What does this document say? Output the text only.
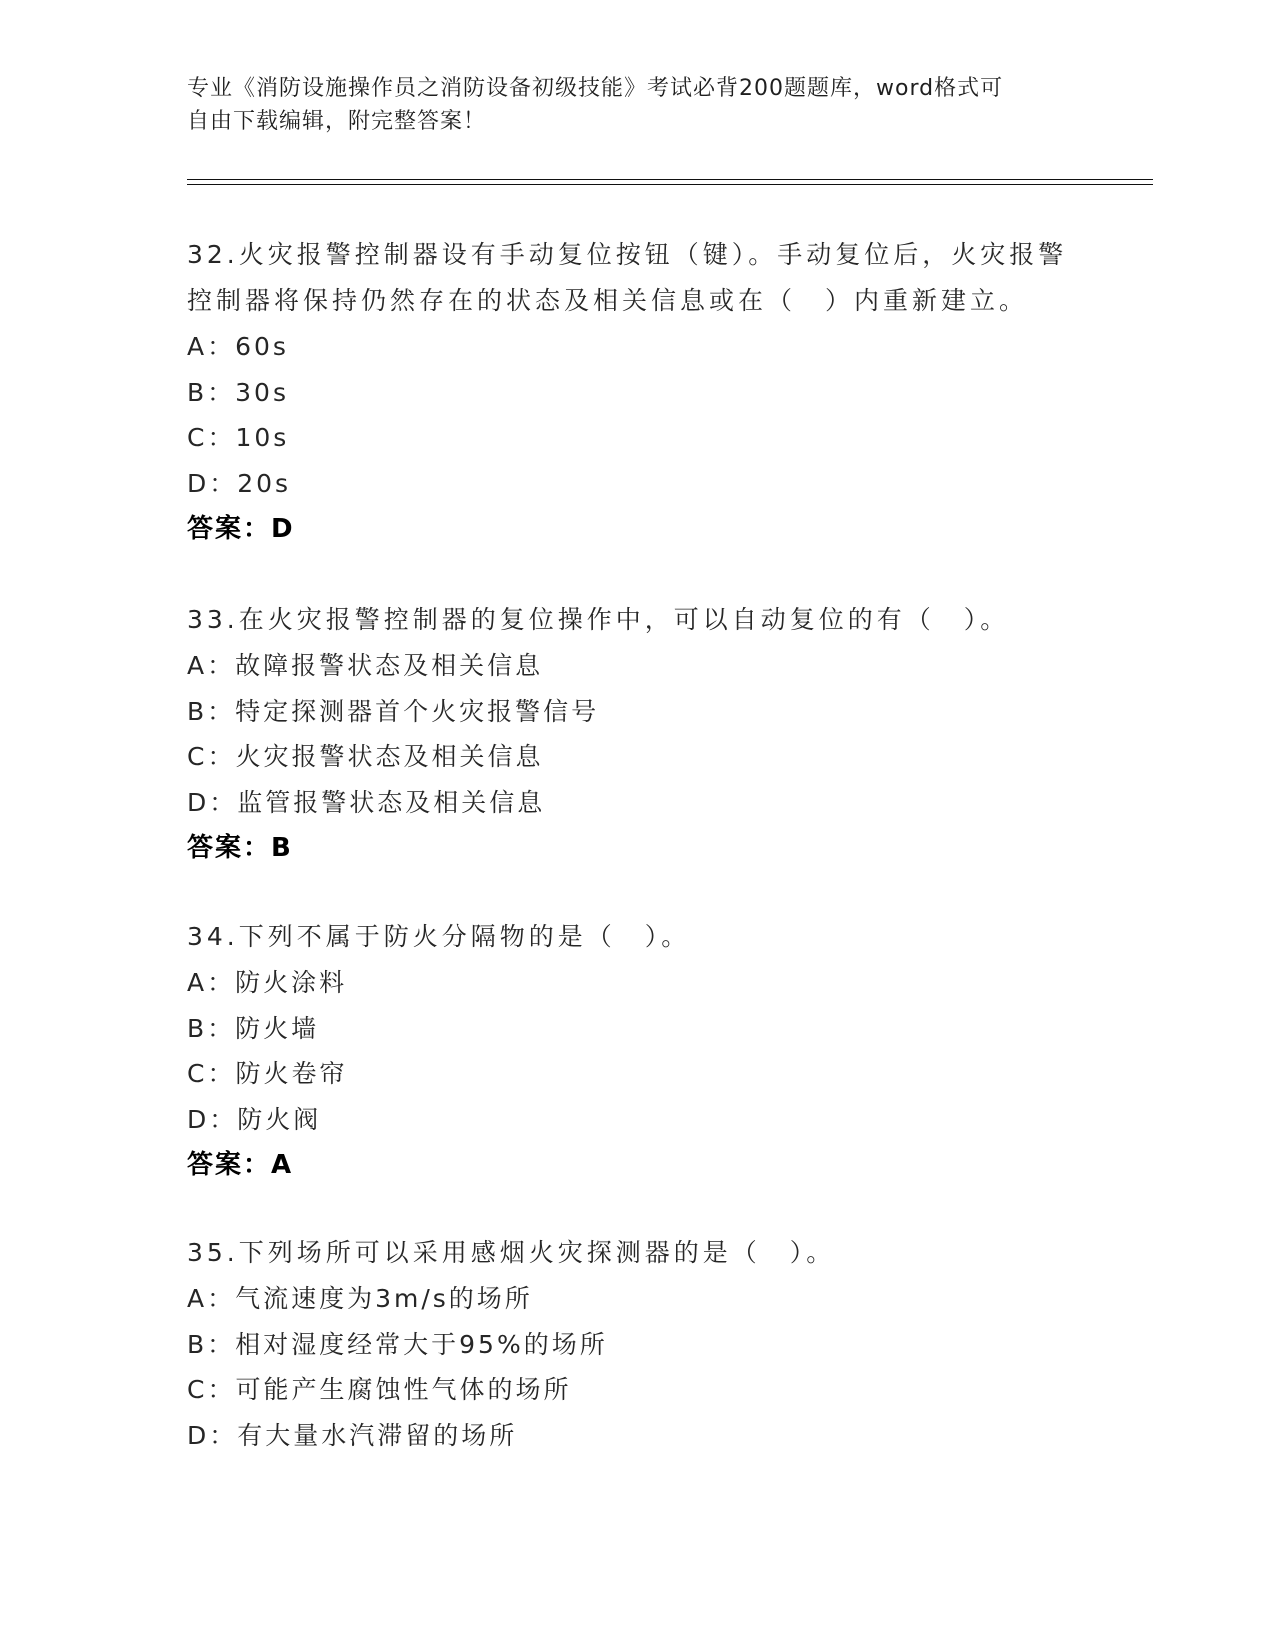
专业《消防设施操作员之消防设备初级技能》考试必背200题题库，word格式可
自由下载编辑，附完整答案！

32.火灾报警控制器设有手动复位按钮（键）。手动复位后，火灾报警

控制器将保持仍然存在的状态及相关信息或在（　）内重新建立。

A：60s

B：30s

C：10s

D：20s

答案：D

33.在火灾报警控制器的复位操作中，可以自动复位的有（　）。

A：故障报警状态及相关信息

B：特定探测器首个火灾报警信号

C：火灾报警状态及相关信息

D：监管报警状态及相关信息

答案：B

34.下列不属于防火分隔物的是（　）。

A：防火涂料

B：防火墙

C：防火卷帘

D：防火阀

答案：A

35.下列场所可以采用感烟火灾探测器的是（　）。

A：气流速度为3m/s的场所

B：相对湿度经常大于95%的场所

C：可能产生腐蚀性气体的场所

D：有大量水汽滞留的场所
